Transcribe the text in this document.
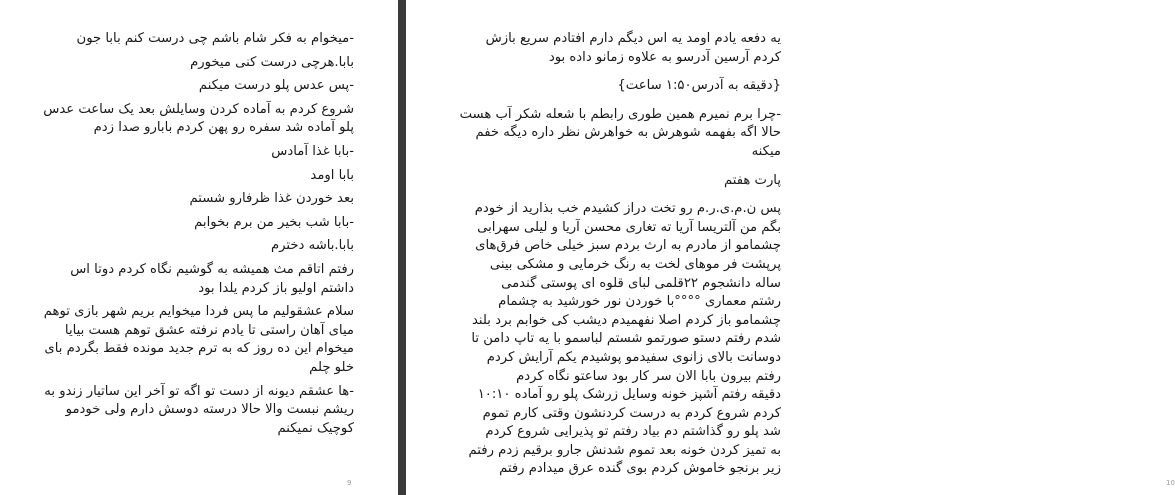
-میخوام به فکر شام باشم چی درست کنم بابا جون
بابا.هرچی درست کنی میخورم
-پس عدس پلو درست میکنم
شروع کردم به آماده کردن وسایلش بعد یک ساعت عدس
پلو آماده شد سفره رو پهن کردم بابارو صدا زدم
-بابا غذا آمادس
بابا اومد
بعد خوردن غذا ظرفارو شستم
-بابا شب بخیر من برم بخوابم
بابا.باشه دخترم
رفتم اتاقم مث همیشه به گوشیم نگاه کردم دوتا اس
داشتم اولیو باز کردم یلدا بود
سلام عشقولیم ما پس فردا میخوایم بریم شهر بازی توهم
میای آهان راستی تا یادم نرفته عشق توهم هست بیایا
میخوام این ده روز که به ترم جدید مونده فقط بگردم بای
خلو چلم
-ها عشقم دیونه از دست تو اگه تو آخر این ساتیار زندو به
ریشم نبست والا حالا درسته دوسش دارم ولی خودمو
کوچیک نمیکنم
9
یه دفعه یادم اومد یه اس دیگم دارم افتادم سریع بازش
کردم آرسین آدرسو به علاوه زمانو داده بود
{دقیقه به آدرس۱:۵۰ ساعت}
-چرا برم نمیرم همین طوری رابطم با شعله شکر آب هست
حالا اگه بفهمه شوهرش به خواهرش نظر داره دیگه خفم
میکنه
پارت هفتم
پس ن.م.ی.ر.م رو تخت دراز کشیدم خب بذارید از خودم
بگم من آلتریسا آریا ته تغاری محسن آریا و لیلی سهرابی
چشمامو از مادرم به ارث بردم سبز خیلی خاص فرق‌های
پرپشت فر موهای لخت به رنگ خرمایی و مشکی بینی
ساله دانشجوم ۲۲قلمی لبای قلوه ای پوستی گندمی
رشتم معماری °°°°با خوردن نور خورشید به چشمام
چشمامو باز کردم اصلا نفهمیدم دیشب کی خوابم برد بلند
شدم رفتم دستو صورتمو شستم لباسمو با یه تاپ دامن تا
دوسانت بالای زانوی سفیدمو پوشیدم یکم آرایش کردم
رفتم بیرون بابا الان سر کار بود ساعتو نگاه کردم
دقیقه رفتم آشپز خونه وسایل زرشک پلو رو آماده ۱۰:۱۰
کردم شروع کردم به درست کردنشون وقتی کارم تموم
شد پلو رو گذاشتم دم بیاد رفتم تو پذیرایی شروع کردم
به تمیز کردن خونه بعد تموم شدنش جارو برقیم زدم رفتم
زیر برنجو خاموش کردم بوی گنده عرق میدادم رفتم
10
